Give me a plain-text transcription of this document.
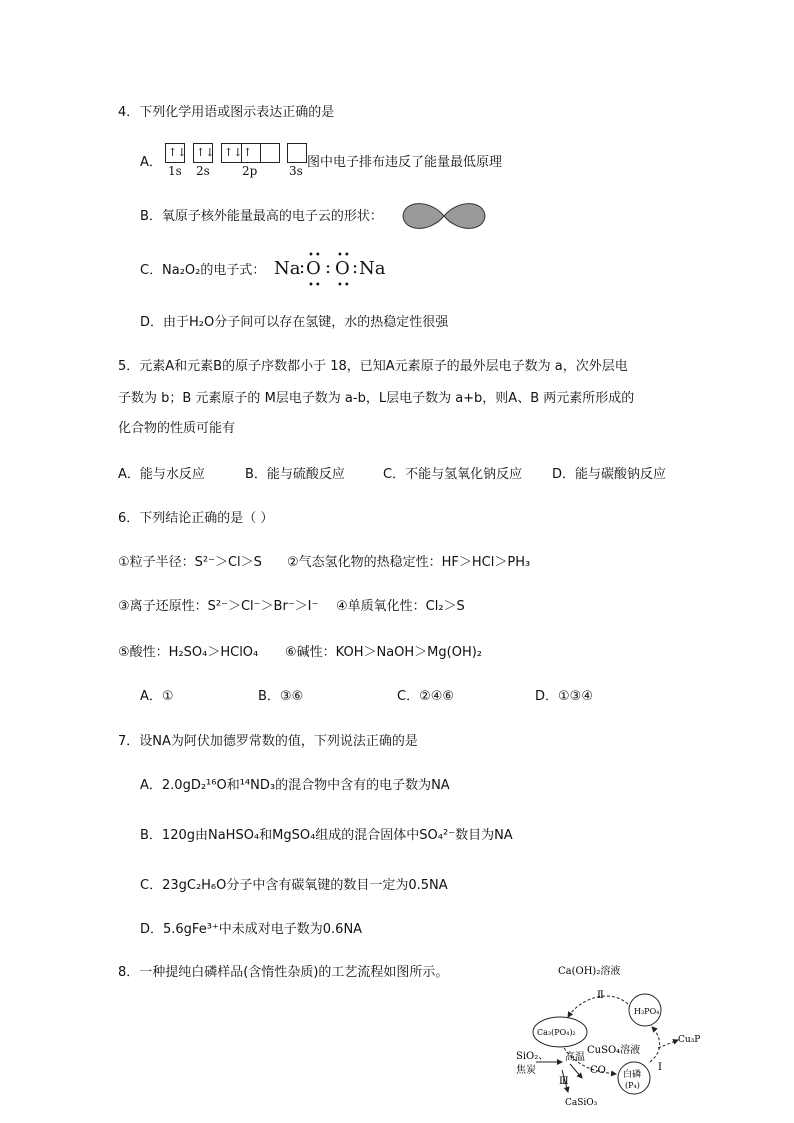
4．下列化学用语或图示表达正确的是
A．
↑↓ ↑↓ ↑↓ ↑
1s 2s	2p	3s
图中电子排布违反了能量最低原理
B．氧原子核外能量最高的电子云的形状：
C． Na₂O₂的电子式： Na
: O : O : Na
•• ••
•• ••
D．由于H₂O分子间可以存在氢键，水的热稳定性很强
5．元素A和元素B的原子序数都小于 18，已知A元素原子的最外层电子数为 a，次外层电
子数为 b；B 元素原子的 M层电子数为 a-b，L层电子数为 a+b，则A、B 两元素所形成的
化合物的性质可能有
A．能与水反应	B．能与硫酸反应	C．不能与氢氧化钠反应 D．能与碳酸钠反应
6．下列结论正确的是（ ）
①粒子半径：S²⁻＞Cl＞S ②气态氢化物的热稳定性：HF＞HCl＞PH₃
③离子还原性：S²⁻＞Cl⁻＞Br⁻＞I⁻ ④单质氧化性：Cl₂＞S
⑤酸性：H₂SO₄＞HClO₄ ⑥碱性：KOH＞NaOH＞Mg(OH)₂
A．①	B．③⑥	C．②④⑥	D．①③④
7．设NA为阿伏加德罗常数的值，下列说法正确的是
A．2.0gD₂¹⁶O和¹⁴ND₃的混合物中含有的电子数为NA
B．120g由NaHSO₄和MgSO₄组成的混合固体中SO₄²⁻数目为NA
C．23gC₂H₆O分子中含有碳氧键的数目一定为0.5NA
D．5.6gFe³⁺中未成对电子数为0.6NA
8．一种提纯白磷样品(含惰性杂质)的工艺流程如图所示。	Ca(OH)₂溶液
Ⅱ
H₃PO₄
Ca₃(PO₄)₂
Cu₃P
CuSO₄溶液
高温
SiO₂、
焦炭	CO
Ⅲ
白磷
(P₄)
Ⅰ
CaSiO₃
